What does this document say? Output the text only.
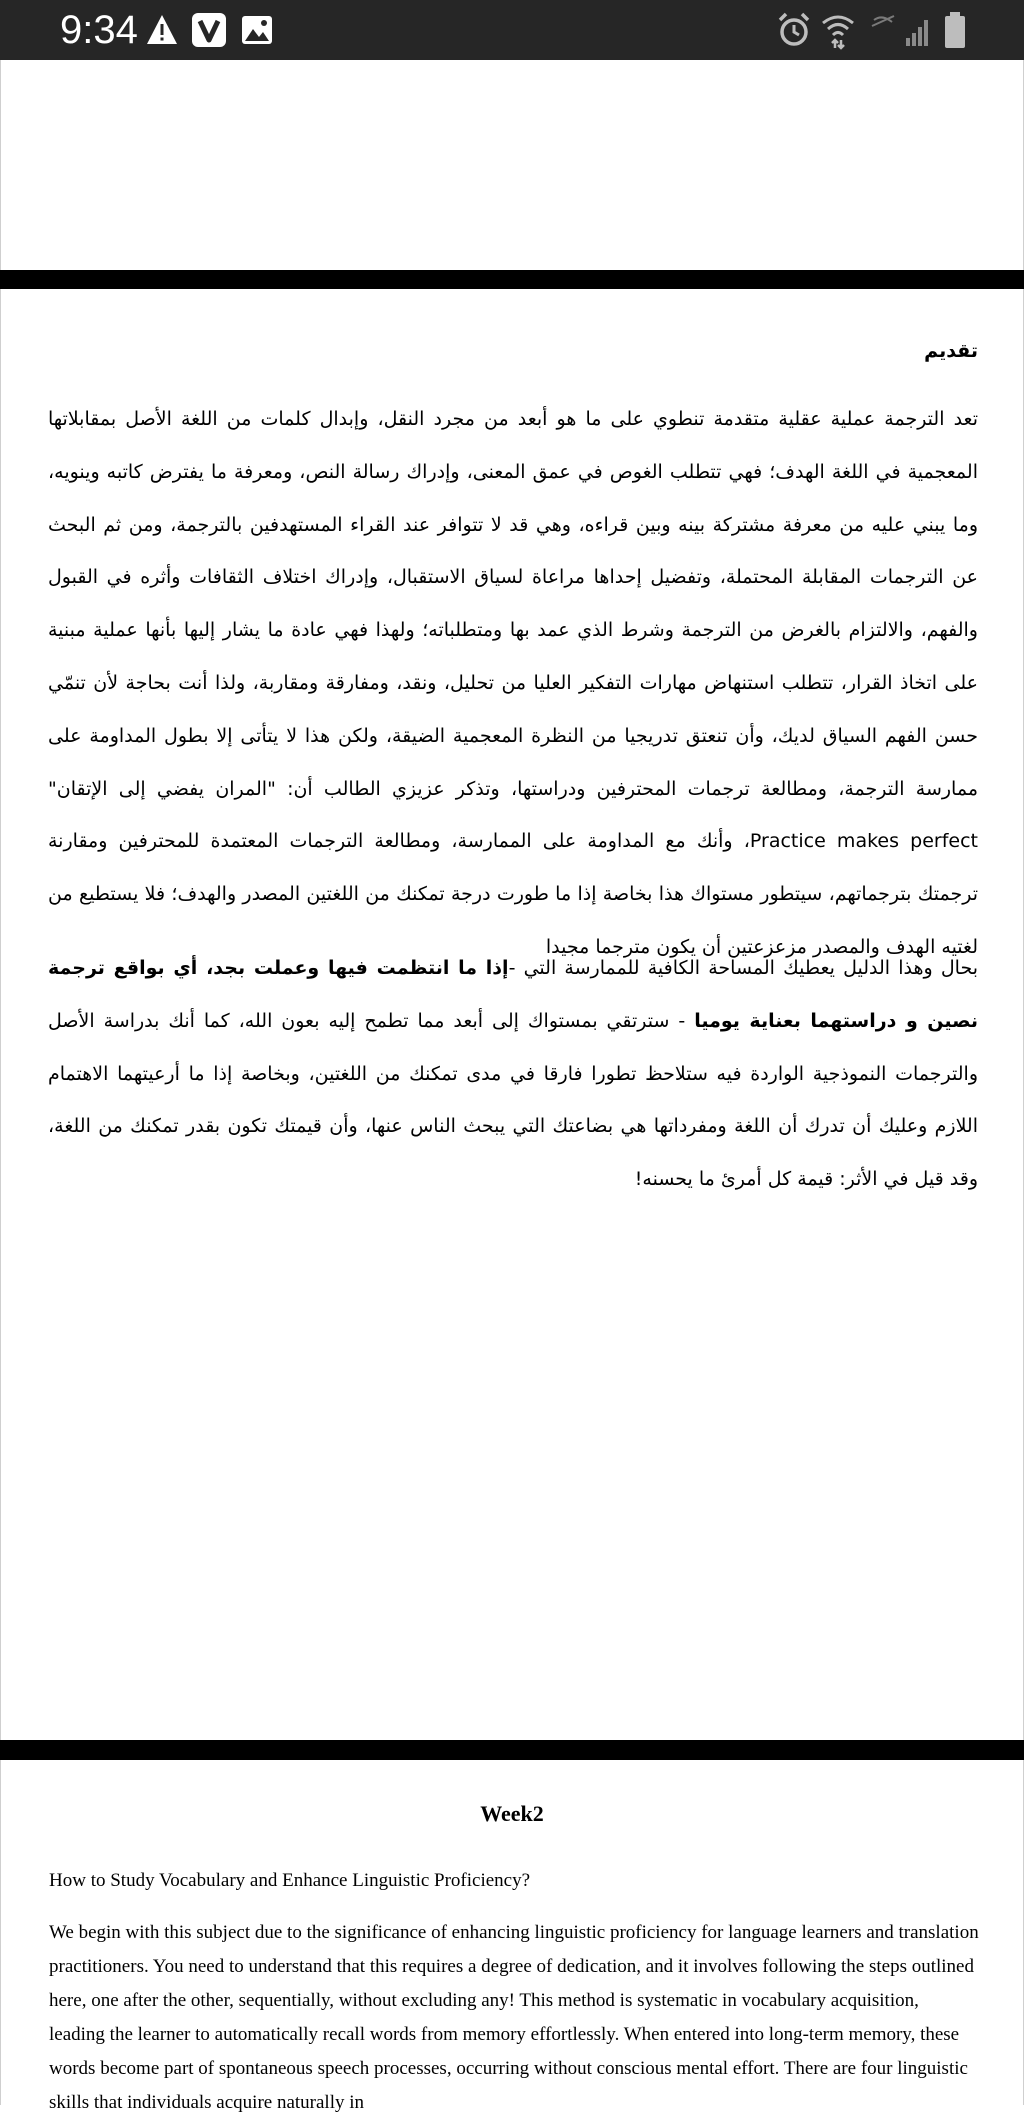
9:34
تقديم
تعد الترجمة عملية عقلية متقدمة تنطوي على ما هو أبعد من مجرد النقل، وإبدال كلمات من اللغة الأصل بمقابلاتها المعجمية في اللغة الهدف؛ فهي تتطلب الغوص في عمق المعنى، وإدراك رسالة النص، ومعرفة ما يفترض كاتبه وينويه، وما يبني عليه من معرفة مشتركة بينه وبين قراءه، وهي قد لا تتوافر عند القراء المستهدفين بالترجمة، ومن ثم البحث عن الترجمات المقابلة المحتملة، وتفضيل إحداها مراعاة لسياق الاستقبال، وإدراك اختلاف الثقافات وأثره في القبول والفهم، والالتزام بالغرض من الترجمة وشرط الذي عمد بها ومتطلباته؛ ولهذا فهي عادة ما يشار إليها بأنها عملية مبنية على اتخاذ القرار، تتطلب استنهاض مهارات التفكير العليا من تحليل، ونقد، ومفارقة ومقاربة، ولذا أنت بحاجة لأن تنمّي حسن الفهم السياق لديك، وأن تنعتق تدريجيا من النظرة المعجمية الضيقة، ولكن هذا لا يتأتى إلا بطول المداومة على ممارسة الترجمة، ومطالعة ترجمات المحترفين ودراستها، وتذكر عزيزي الطالب أن: "المران يفضي إلى الإتقان" Practice makes perfect، وأنك مع المداومة على الممارسة، ومطالعة الترجمات المعتمدة للمحترفين ومقارنة ترجمتك بترجماتهم، سيتطور مستواك هذا بخاصة إذا ما طورت درجة تمكنك من اللغتين المصدر والهدف؛ فلا يستطيع من لغتيه الهدف والمصدر مزعزعتين أن يكون مترجما مجيدا
بحال وهذا الدليل يعطيك المساحة الكافية للممارسة التي -إذا ما انتظمت فيها وعملت بجد، أي بواقع ترجمة نصين و دراستهما بعناية يوميا - سترتقي بمستواك إلى أبعد مما تطمح إليه بعون الله، كما أنك بدراسة الأصل والترجمات النموذجية الواردة فيه ستلاحظ تطورا فارقا في مدى تمكنك من اللغتين، وبخاصة إذا ما أرعيتهما الاهتمام اللازم وعليك أن تدرك أن اللغة ومفرداتها هي بضاعتك التي يبحث الناس عنها، وأن قيمتك تكون بقدر تمكنك من اللغة، وقد قيل في الأثر: قيمة كل أمرئ ما يحسنه!
Week2
How to Study Vocabulary and Enhance Linguistic Proficiency?
We begin with this subject due to the significance of enhancing linguistic proficiency for language learners and translation practitioners. You need to understand that this requires a degree of dedication, and it involves following the steps outlined here, one after the other, sequentially, without excluding any! This method is systematic in vocabulary acquisition, leading the learner to automatically recall words from memory effortlessly. When entered into long-term memory, these words become part of spontaneous speech processes, occurring without conscious mental effort. There are four linguistic skills that individuals acquire naturally in
